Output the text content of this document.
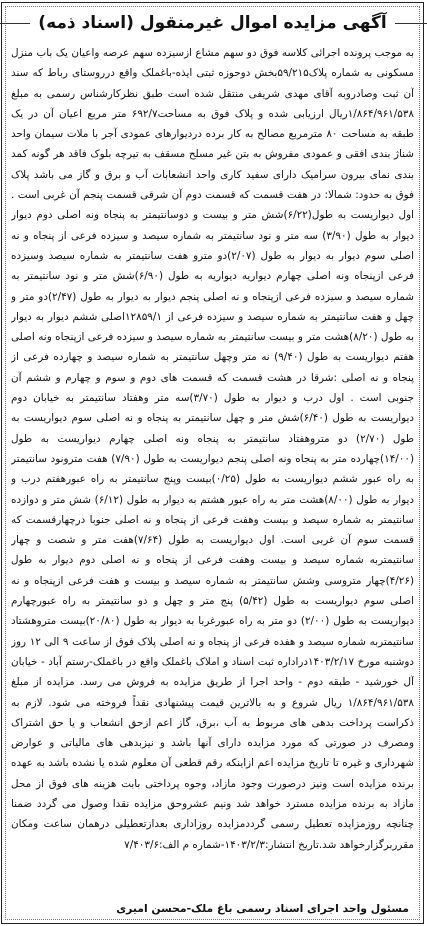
آگهی مزایده اموال غیرمنقول (اسناد ذمه)
به موجب پرونده اجرائی کلاسه فوق دو سهم مشاع ازسیزده سهم عرصه واعیان یک باب منزل مسکونی به شماره پلاک۵۹/۲۱۵بخش دوحوزه ثبتی ایذه-باغملک واقع درروستای رباط که سند آن ثبت وصادروبه آقای مهدی شریفی منتقل شده است طبق نظرکارشناس رسمی به مبلغ ۱/۸۶۴/۹۶۱/۵۳۸ریال ارزیابی شده و پلاک فوق به مساحت۶۹۲/۷ متر مربع اعیان آن در یک طبقه به مساحت ۸۰ مترمربع مصالح به کار برده دردیوارهای عمودی آجر با ملات سیمان واحد شناژ بندی افقی و عمودی مفروش به بتن غیر مسلح مسقف به تیرچه بلوک فاقد هر گونه کمد بندی نمای بیرون سرامیک دارای سفید کاری واحد انشعابات آب و برق و گاز می باشد پلاک فوق به حدود: شمالا: در هفت قسمت که قسمت دوم آن شرقی قسمت پنجم آن غربی است . اول دیواریست به طول(۶/۲۲)شش متر و بیست و دوسانتیمتر به پنجاه ونه اصلی دوم دیوار دیوار به طول (۳/۹۰) سه متر و نود سانتیمتر به شماره سیصد و سیزده فرعی از پنجاه و نه اصلی سوم دیوار به دیوار به طول (۲/۰۷)دو مترو هفت سانتیمتر به شماره سیصد وسیزده فرعی ازپنجاه ونه اصلی چهارم دیواریه دیواریه به طول (۶/۹۰)شش متر و نود سانتیمتر به شماره سیصد و سیزده فرعی ازپنجاه و نه اصلی پنجم دیوار به دیوار به طول (۲/۴۷)دو متر و چهل و هفت سانتیمتر به شماره سیصد و سیزده فرعی از ۱۲۸۵۹/۱اصلی ششم دیوار به دیوار به طول (۸/۲۰)هشت متر و بیست سانتیمتر به شماره سیصد و سیزده فرعی ازپنجاه ونه اصلی هفتم دیواریست به طول (۹/۴۰) نه متر وچهل سانتیمتر به شماره سیصد و چهارده فرعی از پنجاه و نه اصلی :شرقا در هشت قسمت که قسمت های دوم و سوم و چهارم و ششم آن جنوبی است . اول درب و دیوار به طول (۳/۷۰)سه متر وهفتاد سانتیمتر به خیابان دوم دیواریست به طول (۶/۴۰)شش متر و چهل سانتیمتر به پنجاه و نه اصلی سوم دیواریست به طول (۲/۷۰) دو متروهفتاد سانتیمتر به پنجاه ونه اصلی چهارم دیواریست به طول (۱۴/۰۰)چهارده متر به پنجاه ونه اصلی پنجم دیواریست به طول (۷/۹۰) هفت مترونود سانتیمتر به راه عبور ششم دیواریست به طول (۰/۲۵)بیست وپنج سانتیمتر به راه عبورهفتم درب و دیوار به طول (۸/۰۰)هشت متر به راه عبور هشتم به دیوار به طول (۶/۱۲) شش متر و دوازده سانتیمتر به شماره سیصد و بیست وهفت فرعی از پنجاه و نه اصلی جنوبا درچهارقسمت که قسمت سوم آن غربی است. اول دیواریست به طول (۷/۶۴)هفت متر و شصت و چهار سانتیمتربه شماره سیصد و بیست وهفت فرعی از پنجاه و نه اصلی دوم دیوار به طول (۴/۲۶)چهار متروسی وشش سانتیمتر به شماره سیصد و بیست و هفت فرعی ازپنجاه و نه اصلی سوم دیواریست به طول (۵/۴۲) پنج متر و چهل و دو سانتیمتر به راه عبورچهارم دیواریست به طول (۲/۰۰) دو متر به راه عبورغربا به دیوار به طول (۲۰/۸۰)بیست متروهشتاد سانتیمتربه شماره سیصد و هفده فرعی از پنجاه و نه اصلی پلاک فوق از ساعت ۹ الی ۱۲ روز دوشنبه مورخ ۱۴۰۳/۲/۱۷دراداره ثبت اسناد و املاک باغملک واقع در باغملک-رستم آباد - خیابان آل خورشید - طبقه دوم - واحد اجرا از طریق مزایده به فروش می رسد. مزایده از مبلغ ۱/۸۶۴/۹۶۱/۵۳۸ ریال شروع و به بالاترین قیمت پیشنهادی نقداً فروخته می شود. لازم به ذکراست پرداخت بدهی های مربوط به آب ،برق، گاز اعم ازحق انشعاب و یا حق اشتراک ومصرف در صورتی که مورد مزایده دارای آنها باشد و نیزبدهی های مالیاتی و عوارض شهرداری و غیره تا تاریخ مزایده اعم ازاینکه رقم قطعی آن معلوم شده یا نشده باشد به عهده برنده مزایده است ونیز درصورت وجود مازاد، وجوه پرداختی بابت هزینه های فوق از محل مازاد به برنده مزایده مسترد خواهد شد ونیم عشروحق مزایده نقدا وصول می گردد ضمنا چنانچه روزمزایده تعطیل رسمی گرددمزایده روزاداری بعدازتعطیلی درهمان ساعت ومکان مقرربرگزارخواهد شد.تاریخ انتشار:۱۴۰۳/۲/۳-شماره م الف:۷/۴۰۳/۶
مسئول واحد اجرای اسناد رسمی باغ ملک-محسن امیری
